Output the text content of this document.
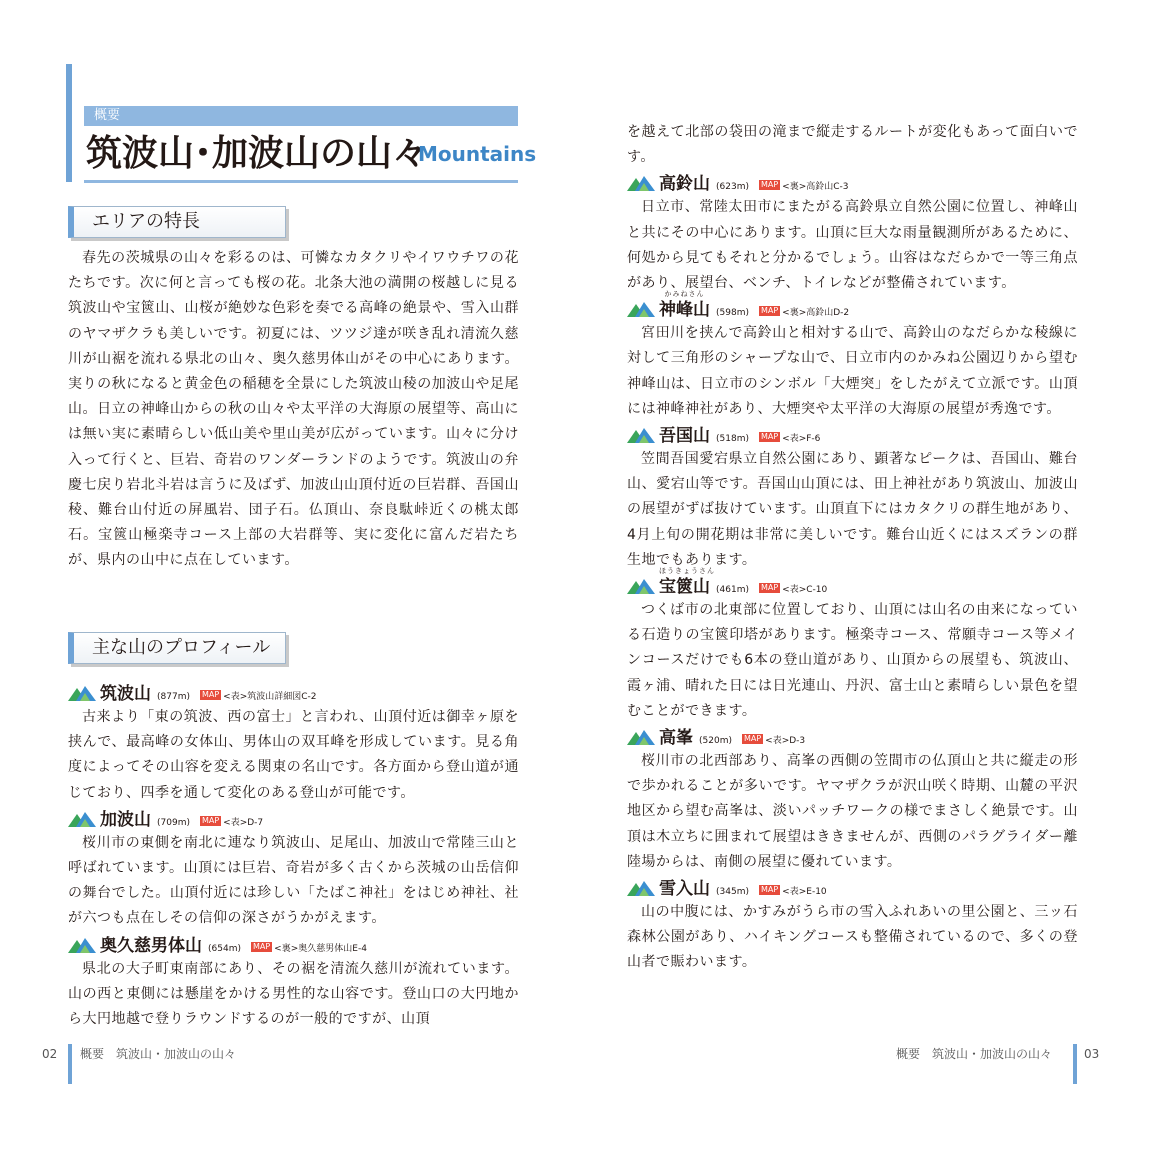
概要
筑波山･加波山の山々
Mountains
エリアの特長

春先の茨城県の山々を彩るのは、可憐なカタクリやイワウチワの花たちです。次に何と言っても桜の花。北条大池の満開の桜越しに見る筑波山や宝篋山、山桜が絶妙な色彩を奏でる高峰の絶景や、雪入山群のヤマザクラも美しいです。初夏には、ツツジ達が咲き乱れ清流久慈川が山裾を流れる県北の山々、奥久慈男体山がその中心にあります。実りの秋になると黄金色の稲穂を全景にした筑波山稜の加波山や足尾山。日立の神峰山からの秋の山々や太平洋の大海原の展望等、高山には無い実に素晴らしい低山美や里山美が広がっています。山々に分け入って行くと、巨岩、奇岩のワンダーランドのようです。筑波山の弁慶七戻り岩北斗岩は言うに及ばず、加波山山頂付近の巨岩群、吾国山稜、難台山付近の屏風岩、団子石。仏頂山、奈良駄峠近くの桃太郎石。宝篋山極楽寺コース上部の大岩群等、実に変化に富んだ岩たちが、県内の山中に点在しています。

主な山のプロフィール
筑波山 (877m) MAP <表>筑波山詳細図C-2

古来より「東の筑波、西の富士」と言われ、山頂付近は御幸ヶ原を挟んで、最高峰の女体山、男体山の双耳峰を形成しています。見る角度によってその山容を変える関東の名山です。各方面から登山道が通じており、四季を通して変化のある登山が可能です。

加波山 (709m) MAP <表>D-7

桜川市の東側を南北に連なり筑波山、足尾山、加波山で常陸三山と呼ばれています。山頂には巨岩、奇岩が多く古くから茨城の山岳信仰の舞台でした。山頂付近には珍しい「たばこ神社」をはじめ神社、社が六つも点在しその信仰の深さがうかがえます。

奥久慈男体山 (654m) MAP <裏>奥久慈男体山E-4

県北の大子町東南部にあり、その裾を清流久慈川が流れています。山の西と東側には懸崖をかける男性的な山容です。登山口の大円地から大円地越で登りラウンドするのが一般的ですが、山頂

を越えて北部の袋田の滝まで縦走するルートが変化もあって面白いです。

高鈴山 (623m) MAP <裏>高鈴山C-3

日立市、常陸太田市にまたがる高鈴県立自然公園に位置し、神峰山と共にその中心にあります。山頂に巨大な雨量観測所があるために、何処から見てもそれと分かるでしょう。山容はなだらかで一等三角点があり、展望台、ベンチ、トイレなどが整備されています。

かみねさん
神峰山 (598m) MAP <裏>高鈴山D-2

宮田川を挟んで高鈴山と相対する山で、高鈴山のなだらかな稜線に対して三角形のシャープな山で、日立市内のかみね公園辺りから望む神峰山は、日立市のシンボル「大煙突」をしたがえて立派です。山頂には神峰神社があり、大煙突や太平洋の大海原の展望が秀逸です。

吾国山 (518m) MAP <表>F-6

笠間吾国愛宕県立自然公園にあり、顕著なピークは、吾国山、難台山、愛宕山等です。吾国山山頂には、田上神社があり筑波山、加波山の展望がずば抜けています。山頂直下にはカタクリの群生地があり、4月上旬の開花期は非常に美しいです。難台山近くにはスズランの群生地でもあります。

ほうきょうさん
宝篋山 (461m) MAP <表>C-10

つくば市の北東部に位置しており、山頂には山名の由来になっている石造りの宝篋印塔があります。極楽寺コース、常願寺コース等メインコースだけでも6本の登山道があり、山頂からの展望も、筑波山、霞ヶ浦、晴れた日には日光連山、丹沢、富士山と素晴らしい景色を望むことができます。

高峯 (520m) MAP <表>D-3

桜川市の北西部あり、高峯の西側の笠間市の仏頂山と共に縦走の形で歩かれることが多いです。ヤマザクラが沢山咲く時期、山麓の平沢地区から望む高峯は、淡いパッチワークの様でまさしく絶景です。山頂は木立ちに囲まれて展望はききませんが、西側のパラグライダー離陸場からは、南側の展望に優れています。

雪入山 (345m) MAP <表>E-10

山の中腹には、かすみがうら市の雪入ふれあいの里公園と、三ッ石森林公園があり、ハイキングコースも整備されているので、多くの登山者で賑わいます。

02 概要　筑波山・加波山の山々	概要　筑波山・加波山の山々	03
